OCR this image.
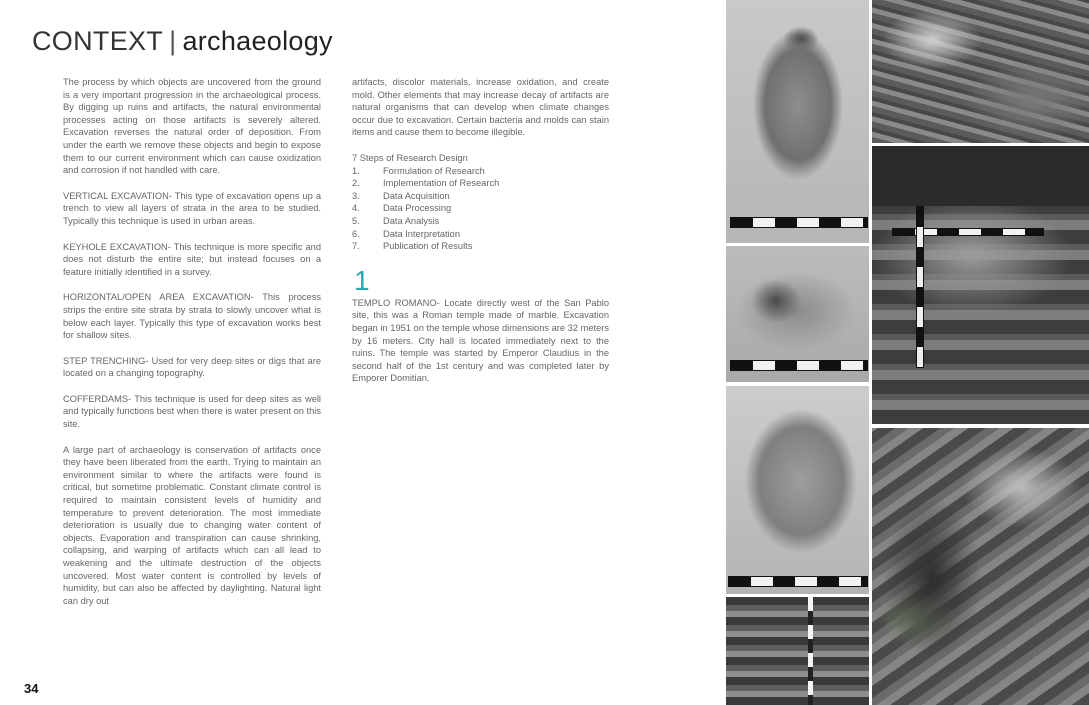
CONTEXT | archaeology

The process by which objects are uncovered from the ground is a very important progression in the archaeological process. By digging up ruins and artifacts, the natural environmental processes acting on those artifacts is severely altered. Excavation reverses the natural order of deposition. From under the earth we remove these objects and begin to expose them to our current environment which can cause oxidization and corrosion if not handled with care.

VERTICAL EXCAVATION- This type of excavation opens up a trench to view all layers of strata in the area to be studied. Typically this technique is used in urban areas.

KEYHOLE EXCAVATION- This technique is more specific and does not disturb the entire site; but instead focuses on a feature initially identified in a survey.

HORIZONTAL/OPEN AREA EXCAVATION- This process strips the entire site strata by strata to slowly uncover what is below each layer. Typically this type of excavation works best for shallow sites.

STEP TRENCHING- Used for very deep sites or digs that are located on a changing topography.

COFFERDAMS- This technique is used for deep sites as well and typically functions best when there is water present on this site.

A large part of archaeology is conservation of artifacts once they have been liberated from the earth. Trying to maintain an environment similar to where the artifacts were found is critical, but sometime problematic. Constant climate control is required to maintain consistent levels of humidity and temperature to prevent deterioration. The most immediate deterioration is usually due to changing water content of objects. Evaporation and transpiration can cause shrinking, collapsing, and warping of artifacts which can all lead to weakening and the ultimate destruction of the objects uncovered. Most water content is controlled by levels of humidity, but can also be affected by daylighting. Natural light can dry out

artifacts, discolor materials, increase oxidation, and create mold. Other elements that may increase decay of artifacts are natural organisms that can develop when climate changes occur due to excavation. Certain bacteria and molds can stain items and cause them to become illegible.

7 Steps of Research Design
1.	Formulation of Research
2.	Implementation of Research
3.	Data Acquisition
4.	Data Processing
5.	Data Analysis
6.	Data Interpretation
7.	Publication of Results
1

TEMPLO ROMANO- Locate directly west of the San Pablo site, this was a Roman temple made of marble. Excavation began in 1951 on the temple whose dimensions are 32 meters by 16 meters. City hall is located immediately next to the ruins. The temple was started by Emperor Claudius in the second half of the 1st century and was completed later by Emporer Domitian.

34
